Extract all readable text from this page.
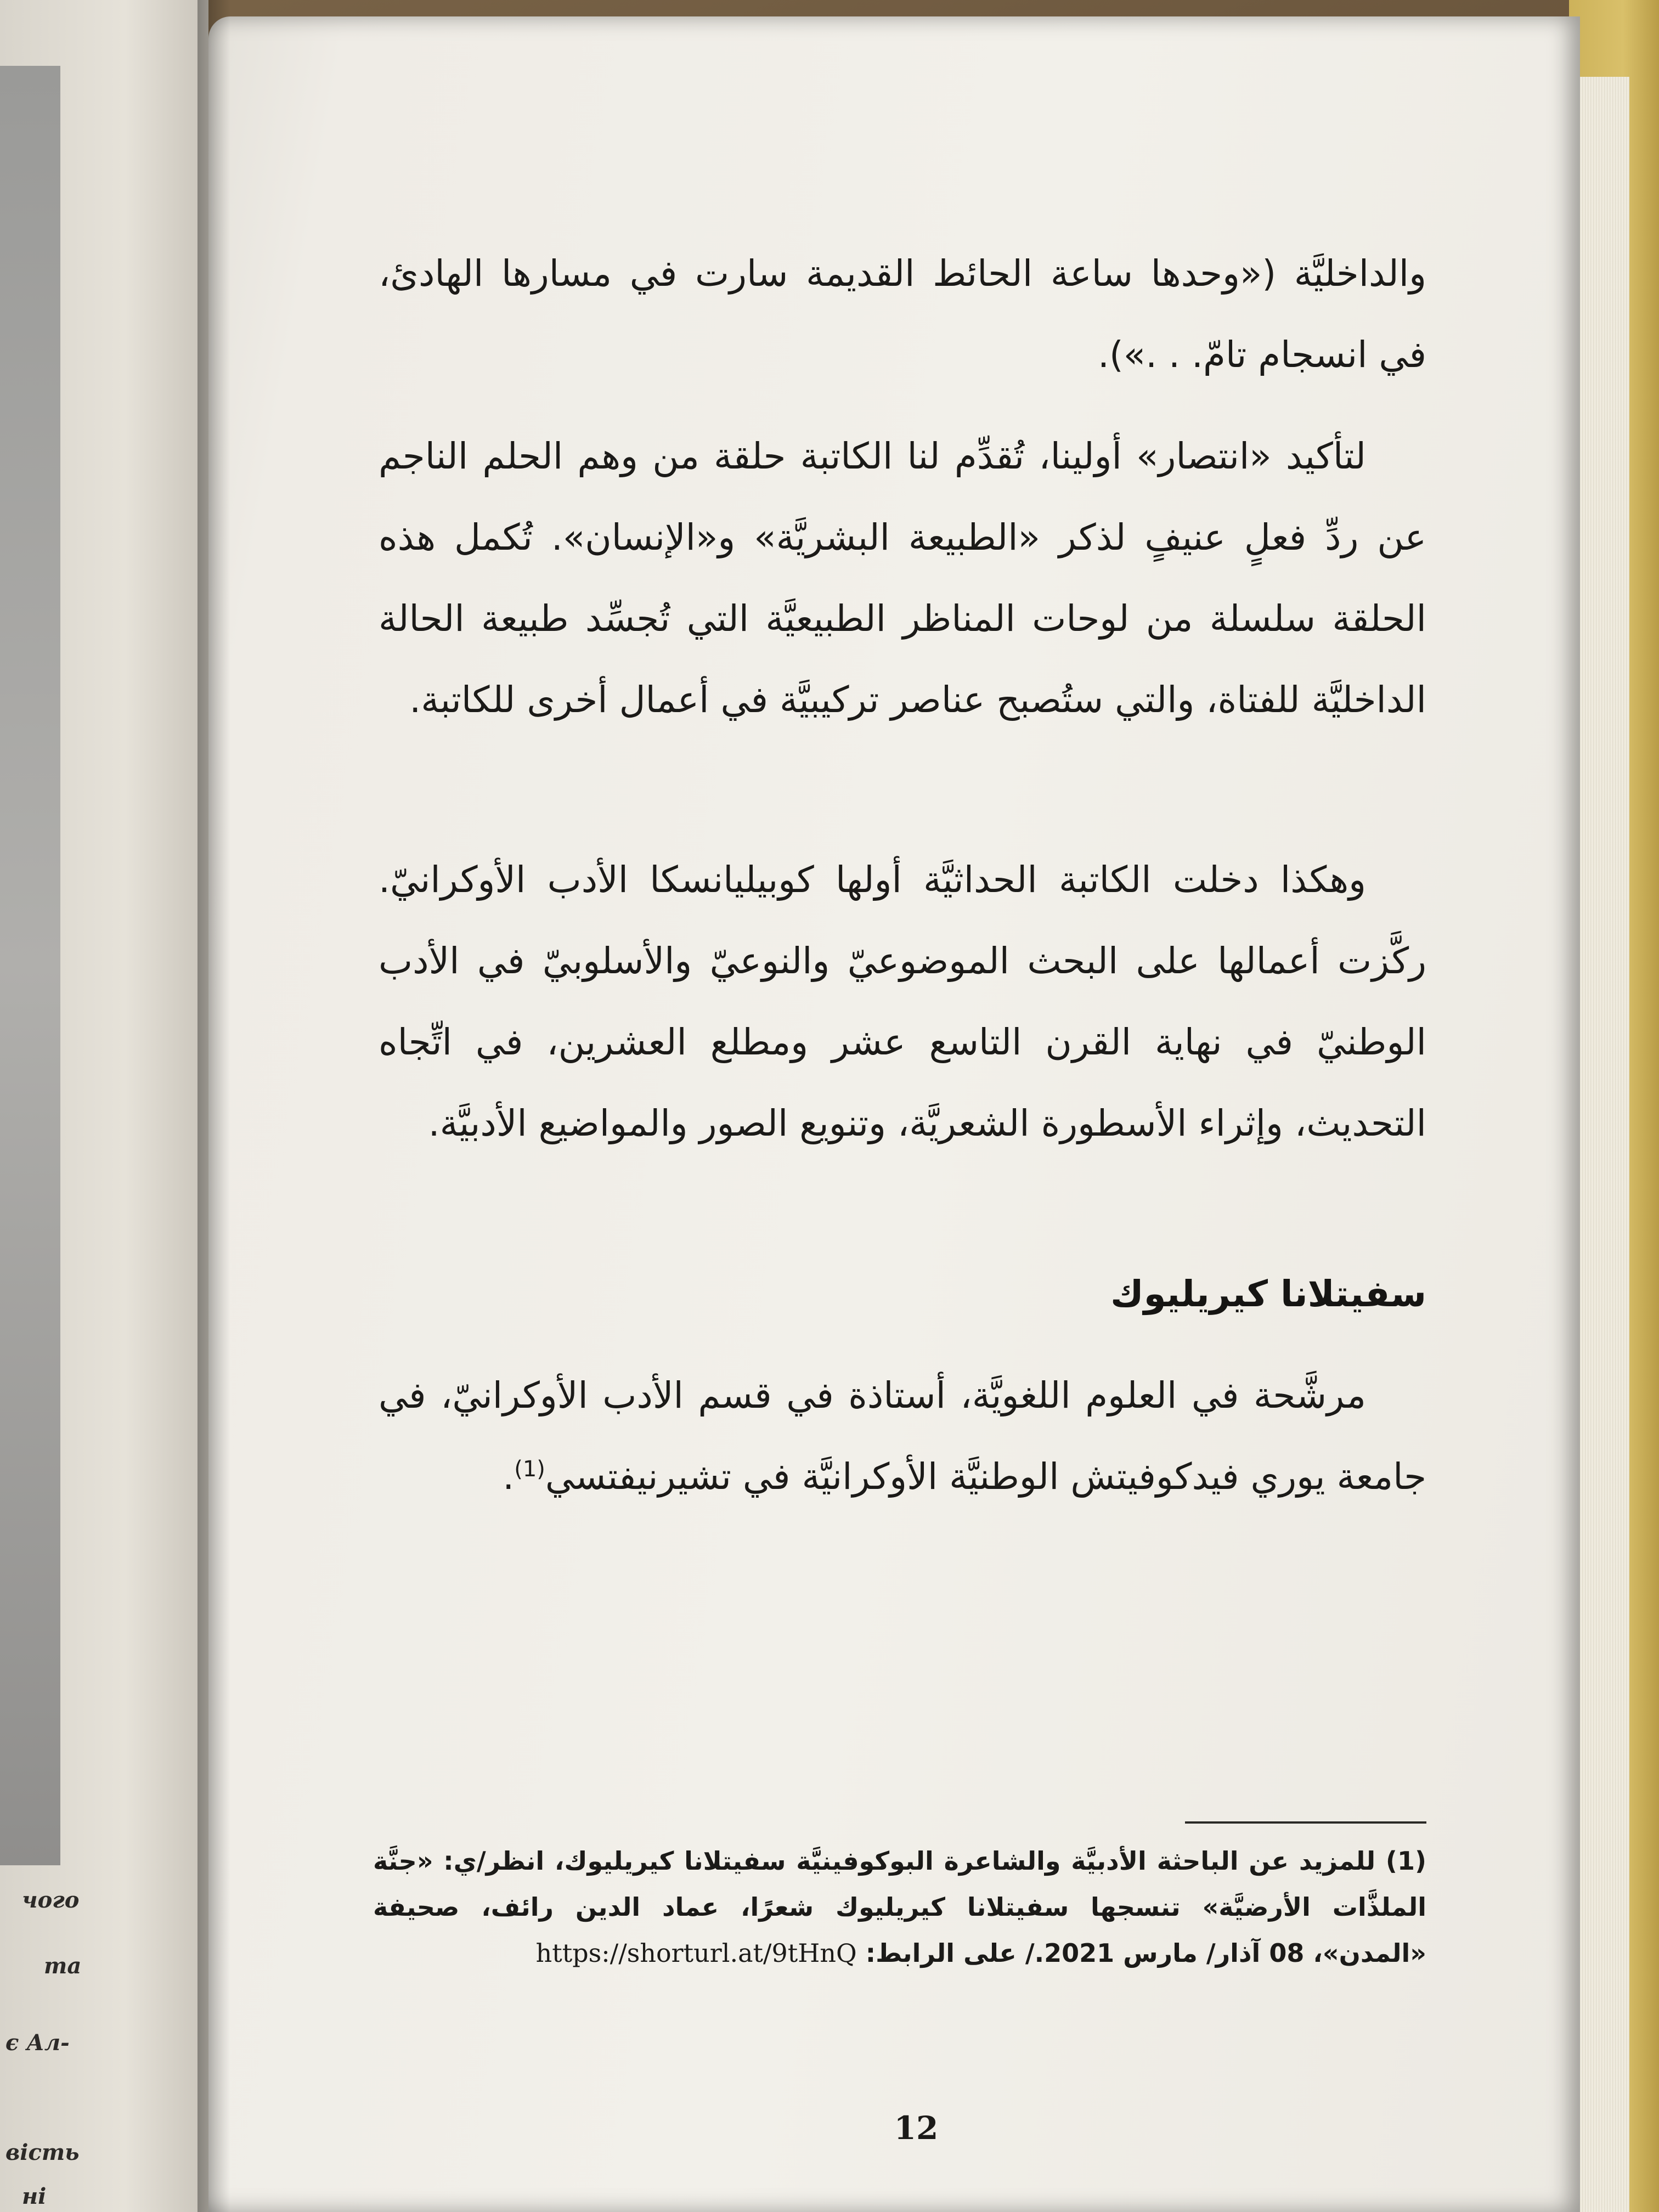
чого
та
є Ал-
вість
ні

والداخليَّة («وحدها ساعة الحائط القديمة سارت في مسارها الهادئ، في انسجام تامّ. . .»).

لتأكيد «انتصار» أولينا، تُقدِّم لنا الكاتبة حلقة من وهم الحلم الناجم عن ردِّ فعلٍ عنيفٍ لذكر «الطبيعة البشريَّة» و«الإنسان». تُكمل هذه الحلقة سلسلة من لوحات المناظر الطبيعيَّة التي تُجسِّد طبيعة الحالة الداخليَّة للفتاة، والتي ستُصبح عناصر تركيبيَّة في أعمال أخرى للكاتبة.

وهكذا دخلت الكاتبة الحداثيَّة أولها كوبيليانسكا الأدب الأوكرانيّ. ركَّزت أعمالها على البحث الموضوعيّ والنوعيّ والأسلوبيّ في الأدب الوطنيّ في نهاية القرن التاسع عشر ومطلع العشرين، في اتِّجاه التحديث، وإثراء الأسطورة الشعريَّة، وتنويع الصور والمواضيع الأدبيَّة.

سفيتلانا كيريليوك

مرشَّحة في العلوم اللغويَّة، أستاذة في قسم الأدب الأوكرانيّ، في جامعة يوري فيدكوفيتش الوطنيَّة الأوكرانيَّة في تشيرنيفتسي$^{(1)}$.

(1) للمزيد عن الباحثة الأدبيَّة والشاعرة البوكوفينيَّة سفيتلانا كيريليوك، انظر/ي: «جنَّة الملذَّات الأرضيَّة» تنسجها سفيتلانا كيريليوك شعرًا، عماد الدين رائف، صحيفة «المدن»، 08 آذار/ مارس 2021./ على الرابط: https://shorturl.at/9tHnQ

12
